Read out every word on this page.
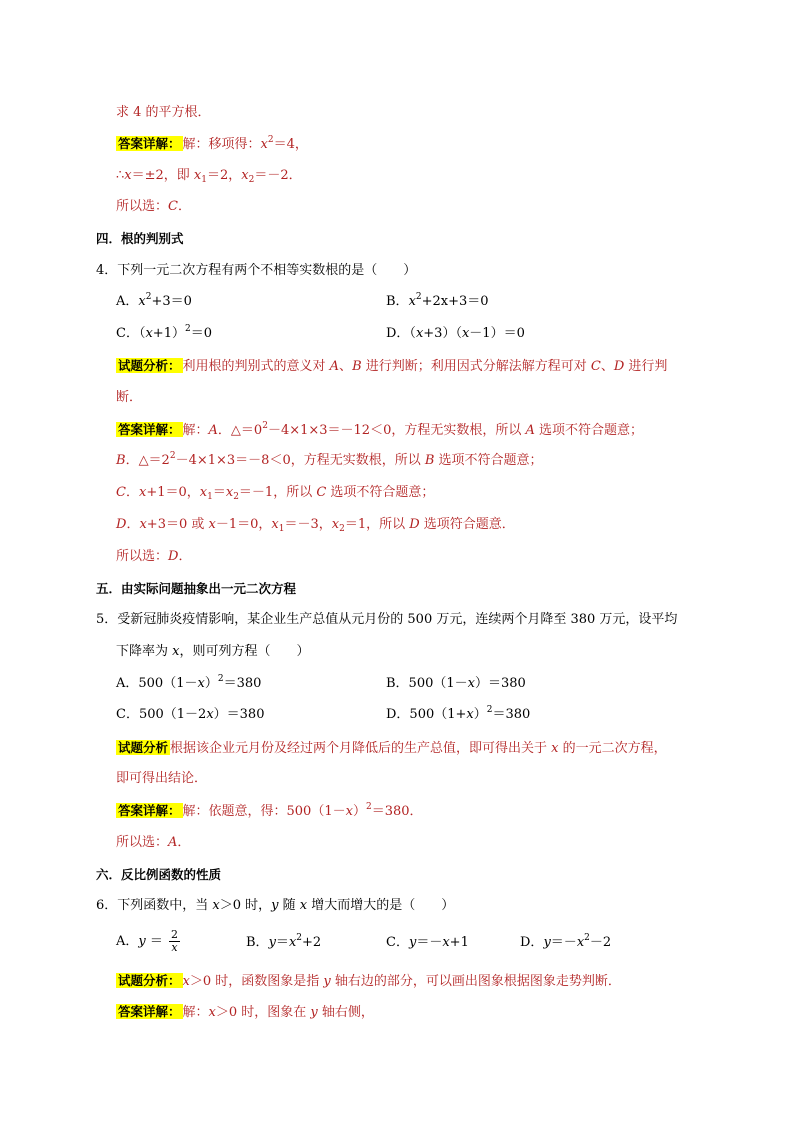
求 4 的平方根．
答案详解： 解：移项得：$x^2=4$，
∴x＝±2，即 $x_1=2$，$x_2=-2$．
所以选：C．
四．根的判别式
4．下列一元二次方程有两个不相等实数根的是（　　）
A．$x^2+3=0$	B．$x^2+2x+3=0$
C．$(x+1)^2=0$	D．（x+3）（x－1）＝0
试题分析： 利用根的判别式的意义对 A、B 进行判断；利用因式分解法解方程可对 C、D 进行判
断．
答案详解： 解：A．$\triangle=0^2-4\times 1\times 3=-12<0$，方程无实数根，所以 A 选项不符合题意；
B．$\triangle=2^2-4\times 1\times 3=-8<0$，方程无实数根，所以 B 选项不符合题意；
C．x+1＝0，$x_1=x_2=-1$，所以 C 选项不符合题意；
D．x+3＝0 或 x－1＝0，$x_1=-3$，$x_2=1$，所以 D 选项符合题意．
所以选：D．
五．由实际问题抽象出一元二次方程
5．受新冠肺炎疫情影响，某企业生产总值从元月份的 500 万元，连续两个月降至 380 万元，设平均
下降率为 x，则可列方程（　　）
A．$500(1-x)^2=380$	B．500（1－x）＝380
C．500（1－2x）＝380	D．$500(1+x)^2=380$
试题分析 根据该企业元月份及经过两个月降低后的生产总值，即可得出关于 x 的一元二次方程，
即可得出结论．
答案详解： 解：依题意，得：$500(1-x)^2=380$．
所以选：A．
六．反比例函数的性质
6．下列函数中，当 x＞0 时，y 随 x 增大而增大的是（　　）
A．$y = \frac{2}{x}$	B．$y=x^2+2$	C．y＝－x+1	D．$y=-x^2-2$
试题分析： x＞0 时，函数图象是指 y 轴右边的部分，可以画出图象根据图象走势判断．
答案详解： 解：x＞0 时，图象在 y 轴右侧，
